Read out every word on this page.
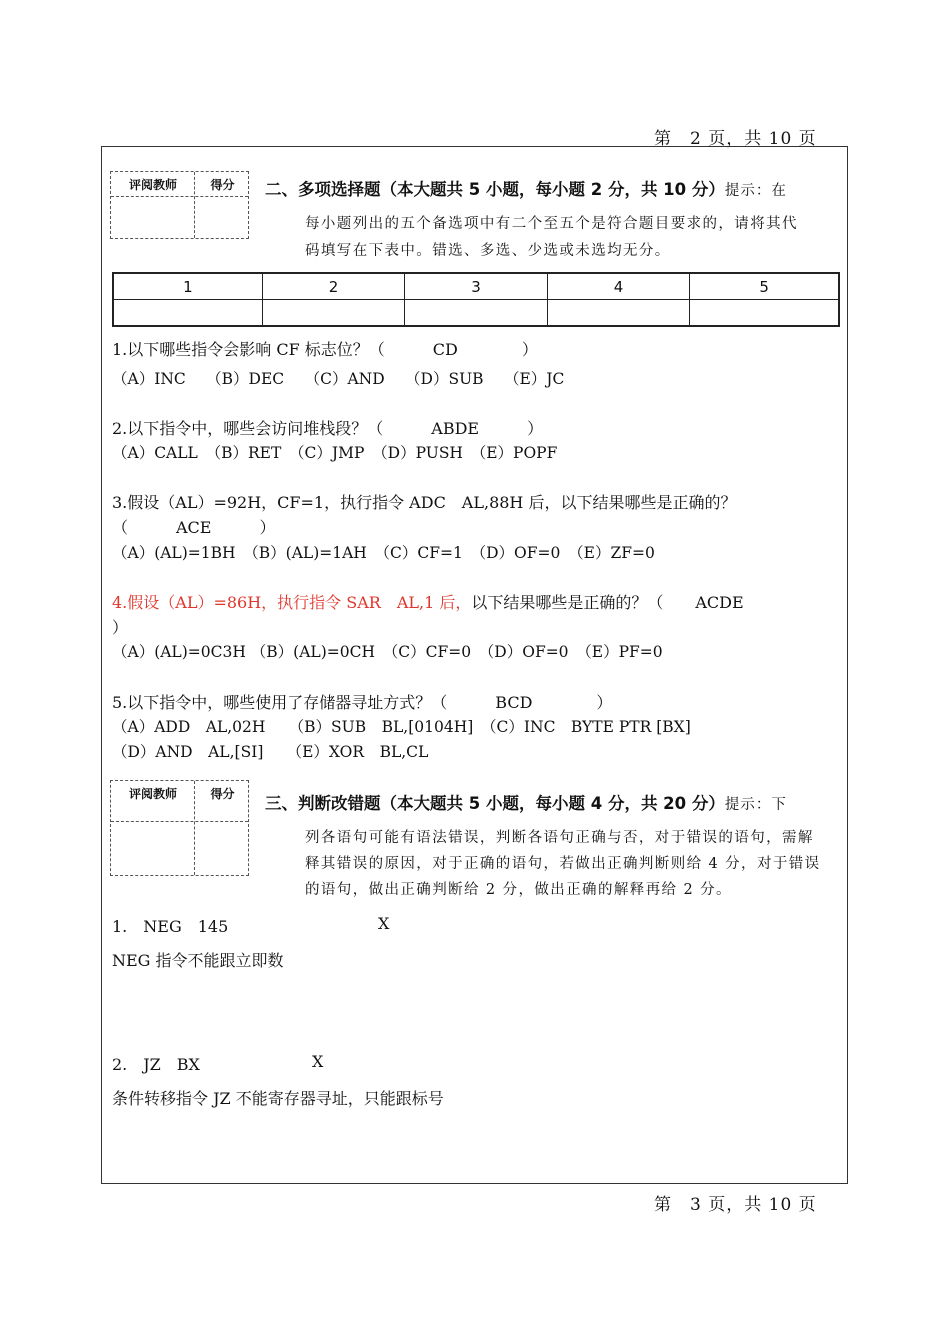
第　2 页，共 10 页
评阅教师	得分	二、多项选择题（本大题共 5 小题，每小题 2 分，共 10 分）提示：在
每小题列出的五个备选项中有二个至五个是符合题目要求的，请将其代
码填写在下表中。错选、多选、少选或未选均无分。
1	2	3	4	5

1.以下哪些指令会影响 CF 标志位？（　　　CD　　　　）
（A）INC　 （B）DEC　 （C）AND　 （D）SUB　 （E）JC
2.以下指令中，哪些会访问堆栈段？（　　　ABDE　　　）
（A）CALL　（B）RET　（C）JMP　（D）PUSH　（E）POPF
3.假设（AL）=92H，CF=1，执行指令 ADC　AL,88H 后，以下结果哪些是正确的？
（　　　ACE　　　）
（A）(AL)=1BH　（B）(AL)=1AH　（C）CF=1　（D）OF=0　（E）ZF=0
4.假设（AL）=86H，执行指令 SAR　AL,1 后，以下结果哪些是正确的？（　　ACDE
）
（A）(AL)=0C3H （B）(AL)=0CH　（C）CF=0　（D）OF=0　（E）PF=0
5.以下指令中，哪些使用了存储器寻址方式？（　　　BCD　　　　）
（A）ADD　AL,02H　　（B）SUB　BL,[0104H]　（C）INC　BYTE PTR [BX]
（D）AND　AL,[SI]　　（E）XOR　BL,CL
评阅教师	得分	三、判断改错题（本大题共 5 小题，每小题 4 分，共 20 分）提示：下
列各语句可能有语法错误，判断各语句正确与否，对于错误的语句，需解
释其错误的原因，对于正确的语句，若做出正确判断则给 4 分，对于错误
的语句，做出正确判断给 2 分，做出正确的解释再给 2 分。
1.　NEG　145	X
NEG 指令不能跟立即数
2.　JZ　BX	X
条件转移指令 JZ 不能寄存器寻址，只能跟标号
第　3 页，共 10 页
